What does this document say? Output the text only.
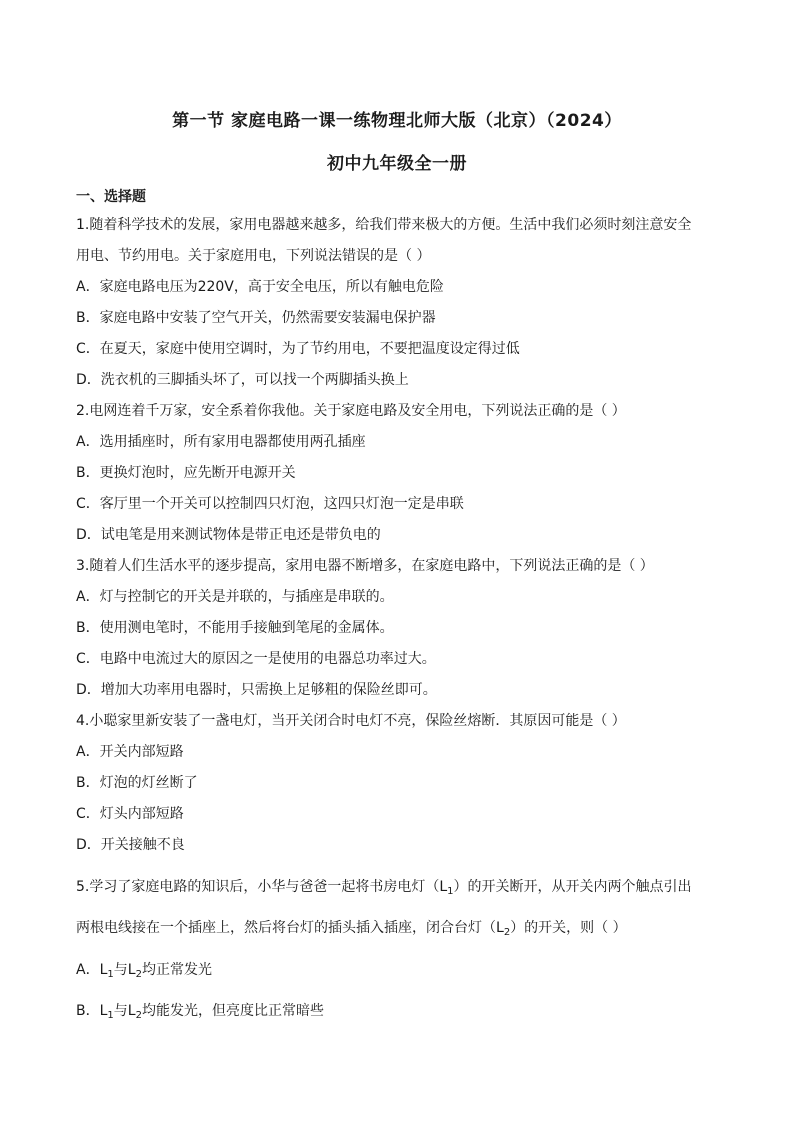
第一节 家庭电路一课一练物理北师大版（北京）（2024）
初中九年级全一册
一、选择题
1.随着科学技术的发展，家用电器越来越多，给我们带来极大的方便。生活中我们必须时刻注意安全
用电、节约用电。关于家庭用电，下列说法错误的是（ ）
A．家庭电路电压为220V，高于安全电压，所以有触电危险
B．家庭电路中安装了空气开关，仍然需要安装漏电保护器
C．在夏天，家庭中使用空调时，为了节约用电，不要把温度设定得过低
D．洗衣机的三脚插头坏了，可以找一个两脚插头换上
2.电网连着千万家，安全系着你我他。关于家庭电路及安全用电，下列说法正确的是（ ）
A．选用插座时，所有家用电器都使用两孔插座
B．更换灯泡时，应先断开电源开关
C．客厅里一个开关可以控制四只灯泡，这四只灯泡一定是串联
D．试电笔是用来测试物体是带正电还是带负电的
3.随着人们生活水平的逐步提高，家用电器不断增多，在家庭电路中，下列说法正确的是（ ）
A．灯与控制它的开关是并联的，与插座是串联的。
B．使用测电笔时，不能用手接触到笔尾的金属体。
C．电路中电流过大的原因之一是使用的电器总功率过大。
D．增加大功率用电器时，只需换上足够粗的保险丝即可。
4.小聪家里新安装了一盏电灯，当开关闭合时电灯不亮，保险丝熔断．其原因可能是（ ）
A．开关内部短路
B．灯泡的灯丝断了
C．灯头内部短路
D．开关接触不良
5.学习了家庭电路的知识后，小华与爸爸一起将书房电灯$(L_1)$的开关断开，从开关内两个触点引出
两根电线接在一个插座上，然后将台灯的插头插入插座，闭合台灯$(L_2)$的开关，则（ ）
A．$L_1$与$L_2$均正常发光
B．$L_1$与$L_2$均能发光，但亮度比正常暗些
